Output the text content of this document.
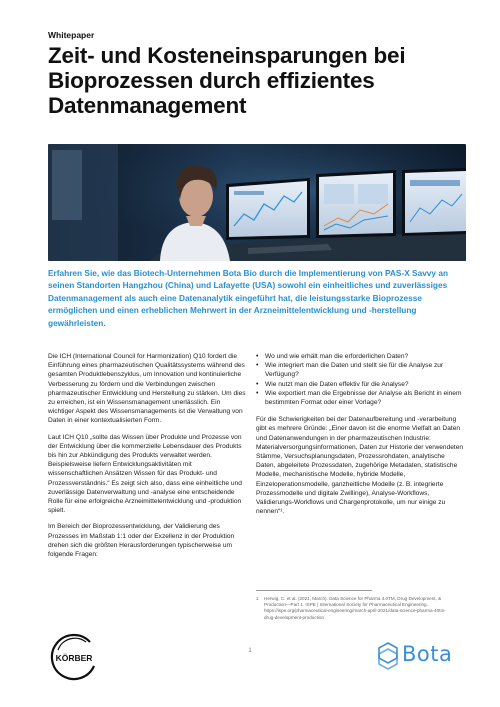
Whitepaper
Zeit- und Kosteneinsparungen bei Bioprozessen durch effizientes Datenmanagement
Erfahren Sie, wie das Biotech-Unternehmen Bota Bio durch die Implementierung von PAS-X Savvy an seinen Standorten Hangzhou (China) und Lafayette (USA) sowohl ein einheitliches und zuverlässiges Datenmanagement als auch eine Datenanalytik eingeführt hat, die leistungsstarke Bioprozesse ermöglichen und einen erheblichen Mehrwert in der Arzneimittelentwicklung und -herstellung gewährleisten.

Die ICH (International Council for Harmonization) Q10 fordert die Einführung eines pharmazeutischen Qualitätssystems während des gesamten Produktlebenszyklus, um Innovation und kontinuierliche Verbesserung zu fördern und die Verbindungen zwischen pharmazeutischer Entwicklung und Herstellung zu stärken. Um dies zu erreichen, ist ein Wissensmanagement unerlässlich. Ein wichtiger Aspekt des Wissensmanagements ist die Verwaltung von Daten in einer kontextualisierten Form.

Laut ICH Q10 „sollte das Wissen über Produkte und Prozesse von der Entwicklung über die kommerzielle Lebensdauer des Produkts bis hin zur Abkündigung des Produkts verwaltet werden. Beispielsweise liefern Entwicklungsaktivitäten mit wissenschaftlichen Ansätzen Wissen für das Produkt- und Prozessverständnis.“ Es zeigt sich also, dass eine einheitliche und zuverlässige Datenverwaltung und -analyse eine entscheidende Rolle für eine erfolgreiche Arzneimittelentwicklung und -produktion spielt.

Im Bereich der Bioprozessentwicklung, der Validierung des Prozesses im Maßstab 1:1 oder der Exzellenz in der Produktion drehen sich die größten Herausforderungen typischerweise um folgende Fragen:

• Wo und wie erhält man die erforderlichen Daten?
• Wie integriert man die Daten und stellt sie für die Analyse zur Verfügung?
• Wie nutzt man die Daten effektiv für die Analyse?
• Wie exportiert man die Ergebnisse der Analyse als Bericht in einem bestimmten Format oder einer Vorlage?

Für die Schwierigkeiten bei der Datenaufbereitung und -verarbeitung gibt es mehrere Gründe: „Einer davon ist die enorme Vielfalt an Daten und Datenanwendungen in der pharmazeutischen Industrie: Materialversorgungsinformationen, Daten zur Historie der verwendeten Stämme, Versuchsplanungsdaten, Prozessrohdaten, analytische Daten, abgeleitete Prozessdaten, zugehörige Metadaten, statistische Modelle, mechanistische Modelle, hybride Modelle, Einzeloperationsmodelle, ganzheitliche Modelle (z. B. integrierte Prozessmodelle und digitale Zwillinge), Analyse-Workflows, Validierungs-Workflows und Chargenprotokolle, um nur einige zu nennen“¹.

1	Herwig, C. et al. (2021, March). Data Science for Pharma 4.0TM, Drug Development, & Production—Part 1. ISPE | International Society for Pharmaceutical Engineering. https://ispe.org/pharmaceutical-engineering/march-april-2021/data-science-pharma-40tm-drug-development-production
KÖRBER
1	Bota
